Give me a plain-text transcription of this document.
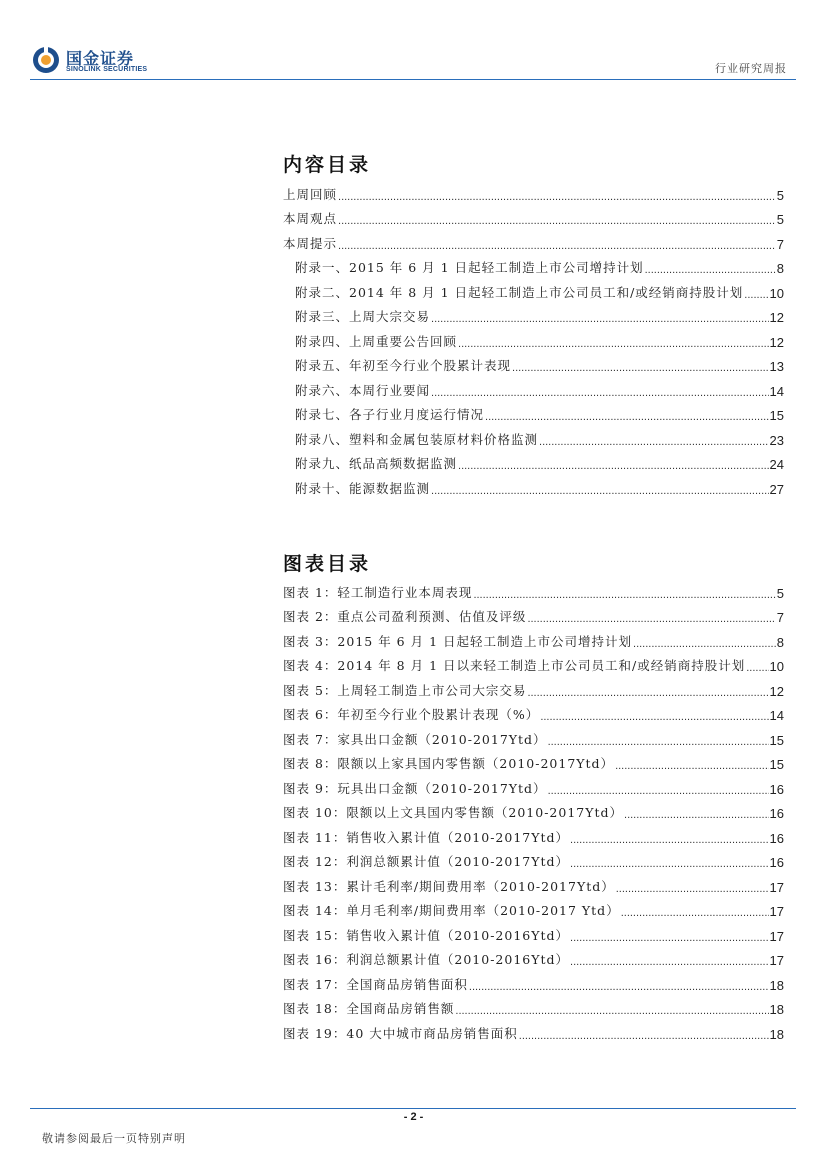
国金证券
SINOLINK SECURITIES	行业研究周报
内容目录
上周回顾 .....	5
本周观点 .....	5
本周提示 .....	7
附录一、2015 年 6 月 1 日起轻工制造上市公司增持计划 .....	8
附录二、2014 年 8 月 1 日起轻工制造上市公司员工和/或经销商持股计划 ..... 10
附录三、上周大宗交易 .....	12
附录四、上周重要公告回顾 .....	12
附录五、年初至今行业个股累计表现 .....	13
附录六、本周行业要闻 .....	14
附录七、各子行业月度运行情况 .....	15
附录八、塑料和金属包装原材料价格监测 .....	23
附录九、纸品高频数据监测 .....	24
附录十、能源数据监测 .....	27
图表目录
图表 1：轻工制造行业本周表现 .....	5
图表 2：重点公司盈利预测、估值及评级 .....	7
图表 3：2015 年 6 月 1 日起轻工制造上市公司增持计划 .....	8
图表 4：2014 年 8 月 1 日以来轻工制造上市公司员工和/或经销商持股计划 ..... 10
图表 5：上周轻工制造上市公司大宗交易 .....	12
图表 6：年初至今行业个股累计表现（%） .....	14
图表 7：家具出口金额（2010-2017Ytd） .....	15
图表 8：限额以上家具国内零售额（2010-2017Ytd） .....	15
图表 9：玩具出口金额（2010-2017Ytd） .....	16
图表 10：限额以上文具国内零售额（2010-2017Ytd） .....	16
图表 11：销售收入累计值（2010-2017Ytd） .....	16
图表 12：利润总额累计值（2010-2017Ytd） .....	16
图表 13：累计毛利率/期间费用率（2010-2017Ytd） .....	17
图表 14：单月毛利率/期间费用率（2010-2017 Ytd） .....	17
图表 15：销售收入累计值（2010-2016Ytd） .....	17
图表 16：利润总额累计值（2010-2016Ytd） .....	17
图表 17：全国商品房销售面积 .....	18
图表 18：全国商品房销售额 .....	18
图表 19：40 大中城市商品房销售面积 .....	18
- 2 -
敬请参阅最后一页特别声明
